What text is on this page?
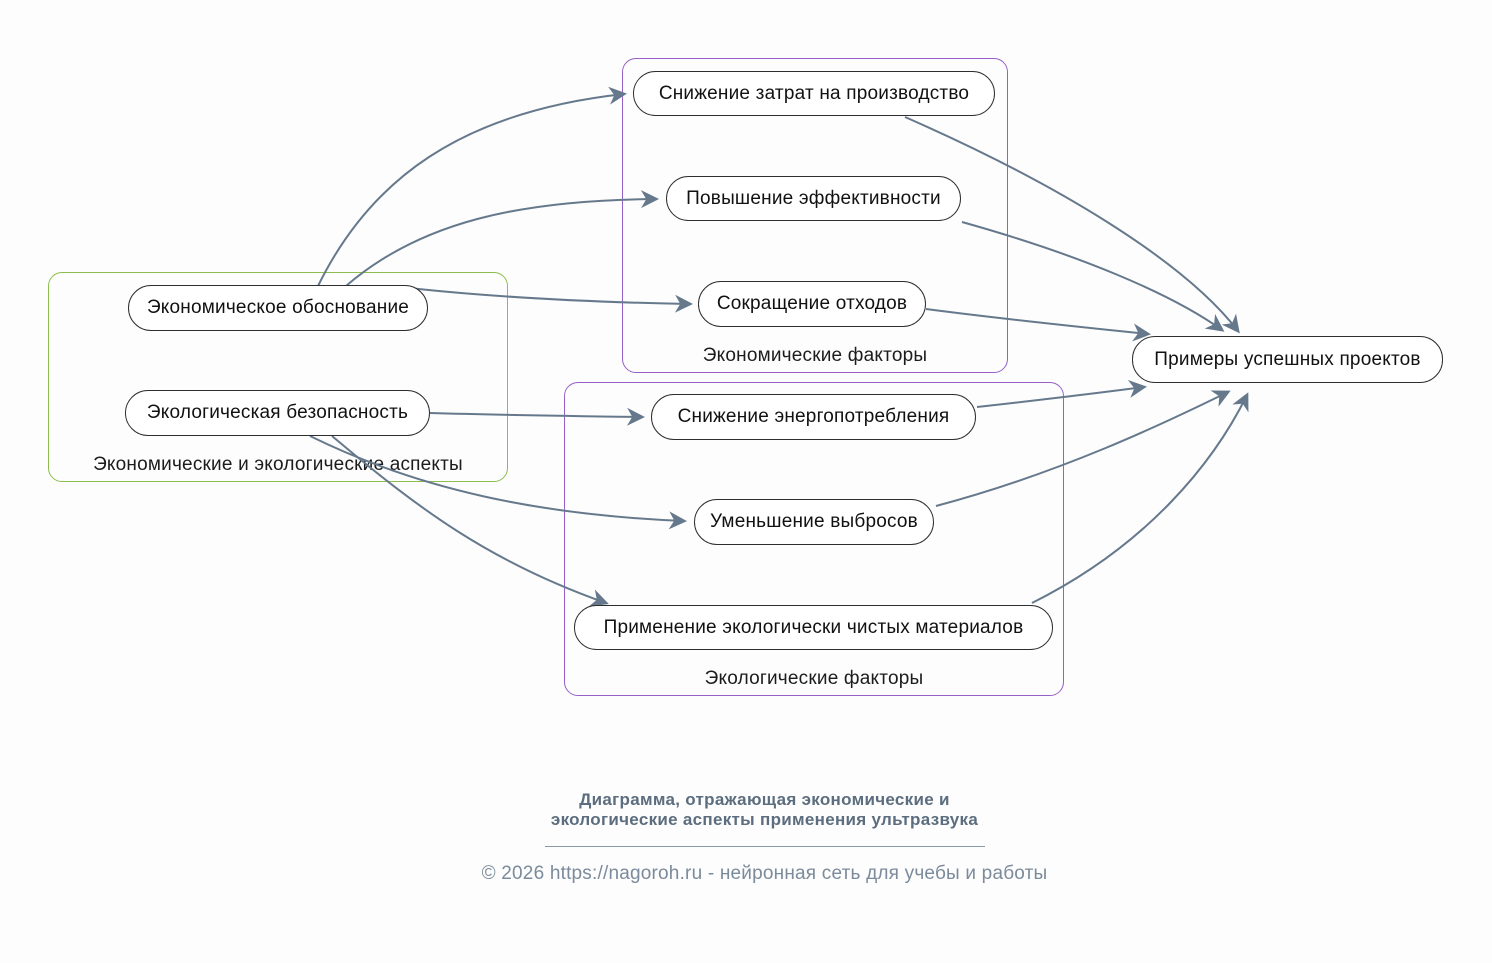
Экономические и экологические аспекты
Экономические факторы
Экологические факторы
Экономическое обоснование
Экологическая безопасность
Снижение затрат на производство
Повышение эффективности
Сокращение отходов
Снижение энергопотребления
Уменьшение выбросов
Применение экологически чистых материалов
Примеры успешных проектов
Диаграмма, отражающая экономические и
экологические аспекты применения ультразвука
© 2026 https://nagoroh.ru - нейронная сеть для учебы и работы
